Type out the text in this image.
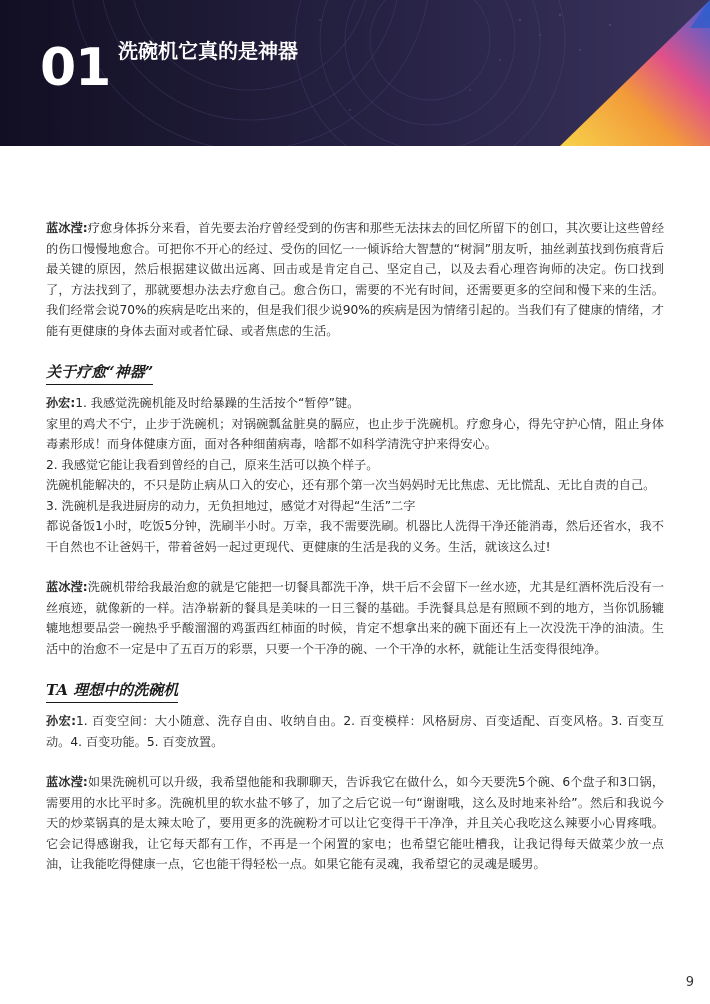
01 洗碗机它真的是神器

蓝冰滢:疗愈身体拆分来看，首先要去治疗曾经受到的伤害和那些无法抹去的回忆所留下的创口，其次要让这些曾经的伤口慢慢地愈合。可把你不开心的经过、受伤的回忆一一倾诉给大智慧的“树洞”朋友听，抽丝剥茧找到伤痕背后最关键的原因，然后根据建议做出远离、回击或是肯定自己、坚定自己，以及去看心理咨询师的决定。伤口找到了，方法找到了，那就要想办法去疗愈自己。愈合伤口，需要的不光有时间，还需要更多的空间和慢下来的生活。我们经常会说70%的疾病是吃出来的，但是我们很少说90%的疾病是因为情绪引起的。当我们有了健康的情绪，才能有更健康的身体去面对或者忙碌、或者焦虑的生活。

关于疗愈“神器”

孙宏:1. 我感觉洗碗机能及时给暴躁的生活按个“暂停”键。

家里的鸡犬不宁，止步于洗碗机；对锅碗瓢盆脏臭的膈应，也止步于洗碗机。疗愈身心，得先守护心情，阻止身体毒素形成！而身体健康方面，面对各种细菌病毒，啥都不如科学清洗守护来得安心。

2. 我感觉它能让我看到曾经的自己，原来生活可以换个样子。

洗碗机能解决的，不只是防止病从口入的安心，还有那个第一次当妈妈时无比焦虑、无比慌乱、无比自责的自己。

3. 洗碗机是我进厨房的动力，无负担地过，感觉才对得起“生活”二字

都说备饭1小时，吃饭5分钟，洗刷半小时。万幸，我不需要洗刷。机器比人洗得干净还能消毒，然后还省水，我不干自然也不让爸妈干，带着爸妈一起过更现代、更健康的生活是我的义务。生活，就该这么过!

蓝冰滢:洗碗机带给我最治愈的就是它能把一切餐具都洗干净，烘干后不会留下一丝水迹，尤其是红酒杯洗后没有一丝痕迹，就像新的一样。洁净崭新的餐具是美味的一日三餐的基础。手洗餐具总是有照顾不到的地方，当你饥肠辘辘地想要品尝一碗热乎乎酸溜溜的鸡蛋西红柿面的时候，肯定不想拿出来的碗下面还有上一次没洗干净的油渍。生活中的治愈不一定是中了五百万的彩票，只要一个干净的碗、一个干净的水杯，就能让生活变得很纯净。

TA 理想中的洗碗机

孙宏:1. 百变空间：大小随意、洗存自由、收纳自由。2. 百变模样：风格厨房、百变适配、百变风格。3. 百变互动。4. 百变功能。5. 百变放置。

蓝冰滢:如果洗碗机可以升级，我希望他能和我聊聊天，告诉我它在做什么，如今天要洗5个碗、6个盘子和3口锅，需要用的水比平时多。洗碗机里的软水盐不够了，加了之后它说一句“谢谢哦，这么及时地来补给”。然后和我说今天的炒菜锅真的是太辣太呛了，要用更多的洗碗粉才可以让它变得干干净净，并且关心我吃这么辣要小心胃疼哦。它会记得感谢我，让它每天都有工作，不再是一个闲置的家电；也希望它能吐槽我，让我记得每天做菜少放一点油，让我能吃得健康一点，它也能干得轻松一点。如果它能有灵魂，我希望它的灵魂是暖男。

9
